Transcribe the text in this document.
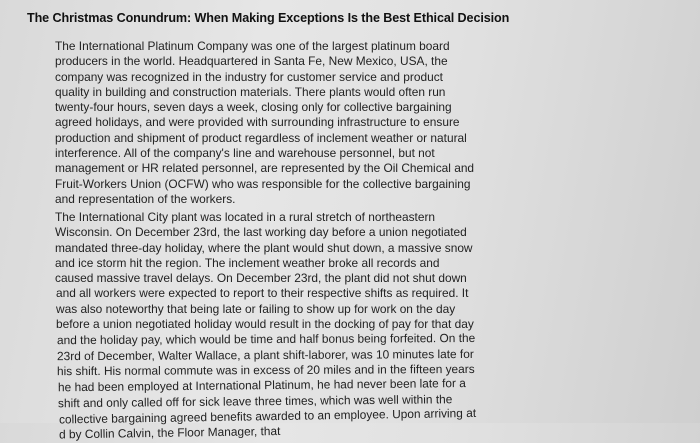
The Christmas Conundrum: When Making Exceptions Is the Best Ethical Decision
The International Platinum Company was one of the largest platinum board
producers in the world. Headquartered in Santa Fe, New Mexico, USA, the
company was recognized in the industry for customer service and product
quality in building and construction materials. There plants would often run
twenty-four hours, seven days a week, closing only for collective bargaining
agreed holidays, and were provided with surrounding infrastructure to ensure
production and shipment of product regardless of inclement weather or natural
interference. All of the company's line and warehouse personnel, but not
management or HR related personnel, are represented by the Oil Chemical and
Fruit-Workers Union (OCFW) who was responsible for the collective bargaining
and representation of the workers.
The International City plant was located in a rural stretch of northeastern
Wisconsin. On December 23rd, the last working day before a union negotiated
mandated three-day holiday, where the plant would shut down, a massive snow
and ice storm hit the region. The inclement weather broke all records and
caused massive travel delays. On December 23rd, the plant did not shut down
and all workers were expected to report to their respective shifts as required. It
was also noteworthy that being late or failing to show up for work on the day
before a union negotiated holiday would result in the docking of pay for that day
and the holiday pay, which would be time and half bonus being forfeited. On the
23rd of December, Walter Wallace, a plant shift-laborer, was 10 minutes late for
his shift. His normal commute was in excess of 20 miles and in the fifteen years
he had been employed at International Platinum, he had never been late for a
shift and only called off for sick leave three times, which was well within the
collective bargaining agreed benefits awarded to an employee. Upon arriving at
d by Collin Calvin, the Floor Manager, that
